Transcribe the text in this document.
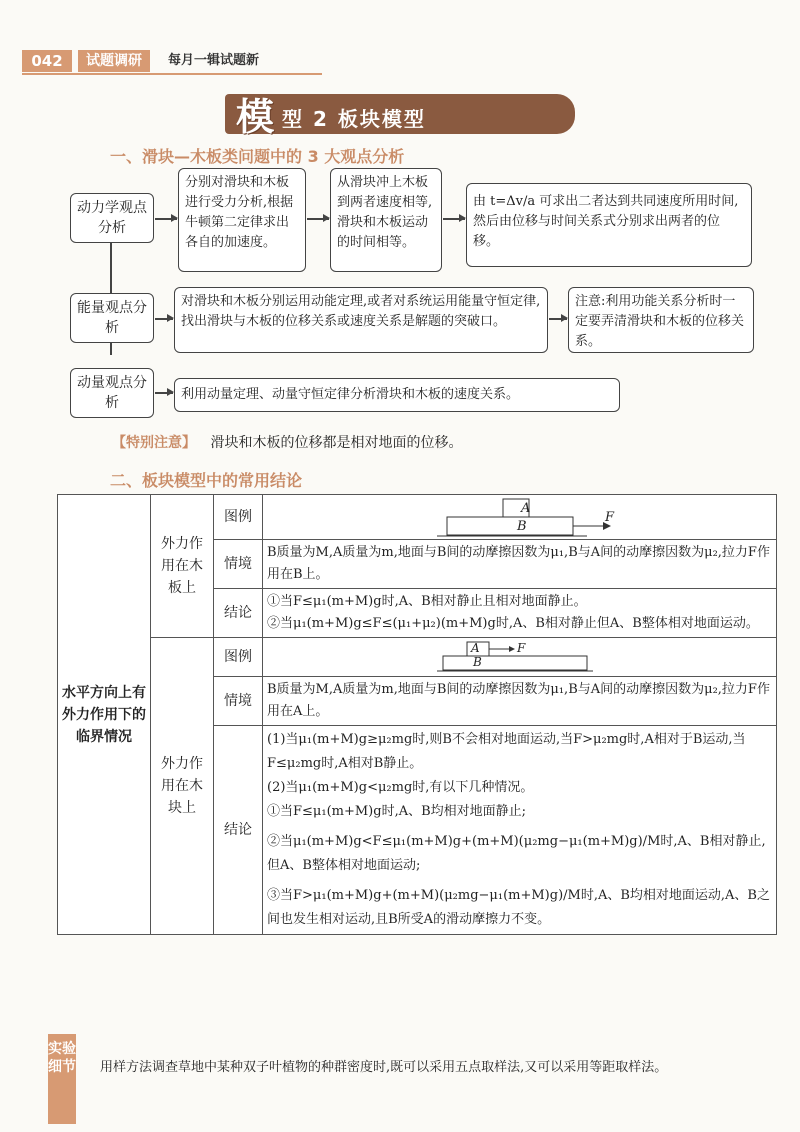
042	试题调研	每月一辑试题新
模 型 2 板块模型
一、滑块—木板类问题中的 3 大观点分析
动力学观点分析
分别对滑块和木板进行受力分析,根据牛顿第二定律求出各自的加速度。
从滑块冲上木板到两者速度相等,滑块和木板运动的时间相等。
由 t=Δv/a 可求出二者达到共同速度所用时间,然后由位移与时间关系式分别求出两者的位移。
能量观点分析
对滑块和木板分别运用动能定理,或者对系统运用能量守恒定律,找出滑块与木板的位移关系或速度关系是解题的突破口。
注意:利用功能关系分析时一定要弄清滑块和木板的位移关系。
动量观点分析
利用动量定理、动量守恒定律分析滑块和木板的速度关系。
【特别注意】 滑块和木板的位移都是相对地面的位移。
二、板块模型中的常用结论
水平方向上有外力作用下的临界情况	外力作用在木板上	图例	A
B
F

		情境	B质量为M,A质量为m,地面与B间的动摩擦因数为μ₁,B与A间的动摩擦因数为μ₂,拉力F作用在B上。
		结论	①当F≤μ₁(m+M)g时,A、B相对静止且相对地面静止。
②当μ₁(m+M)g≤F≤(μ₁+μ₂)(m+M)g时,A、B相对静止但A、B整体相对地面运动。

	外力作用在木块上	图例	A
B
F

		情境	B质量为M,A质量为m,地面与B间的动摩擦因数为μ₁,B与A间的动摩擦因数为μ₂,拉力F作用在A上。
		结论	(1)当μ₁(m+M)g≥μ₂mg时,则B不会相对地面运动,当F>μ₂mg时,A相对于B运动,当F≤μ₂mg时,A相对B静止。
(2)当μ₁(m+M)g<μ₂mg时,有以下几种情况。
①当F≤μ₁(m+M)g时,A、B均相对地面静止;
②当μ₁(m+M)g<F≤μ₁(m+M)g+(m+M)(μ₂mg−μ₁(m+M)g)/M时,A、B相对静止,但A、B整体相对地面运动;
③当F>μ₁(m+M)g+(m+M)(μ₂mg−μ₁(m+M)g)/M时,A、B均相对地面运动,A、B之间也发生相对运动,且B所受A的滑动摩擦力不变。
实验细节 用样方法调查草地中某种双子叶植物的种群密度时,既可以采用五点取样法,又可以采用等距取样法。
